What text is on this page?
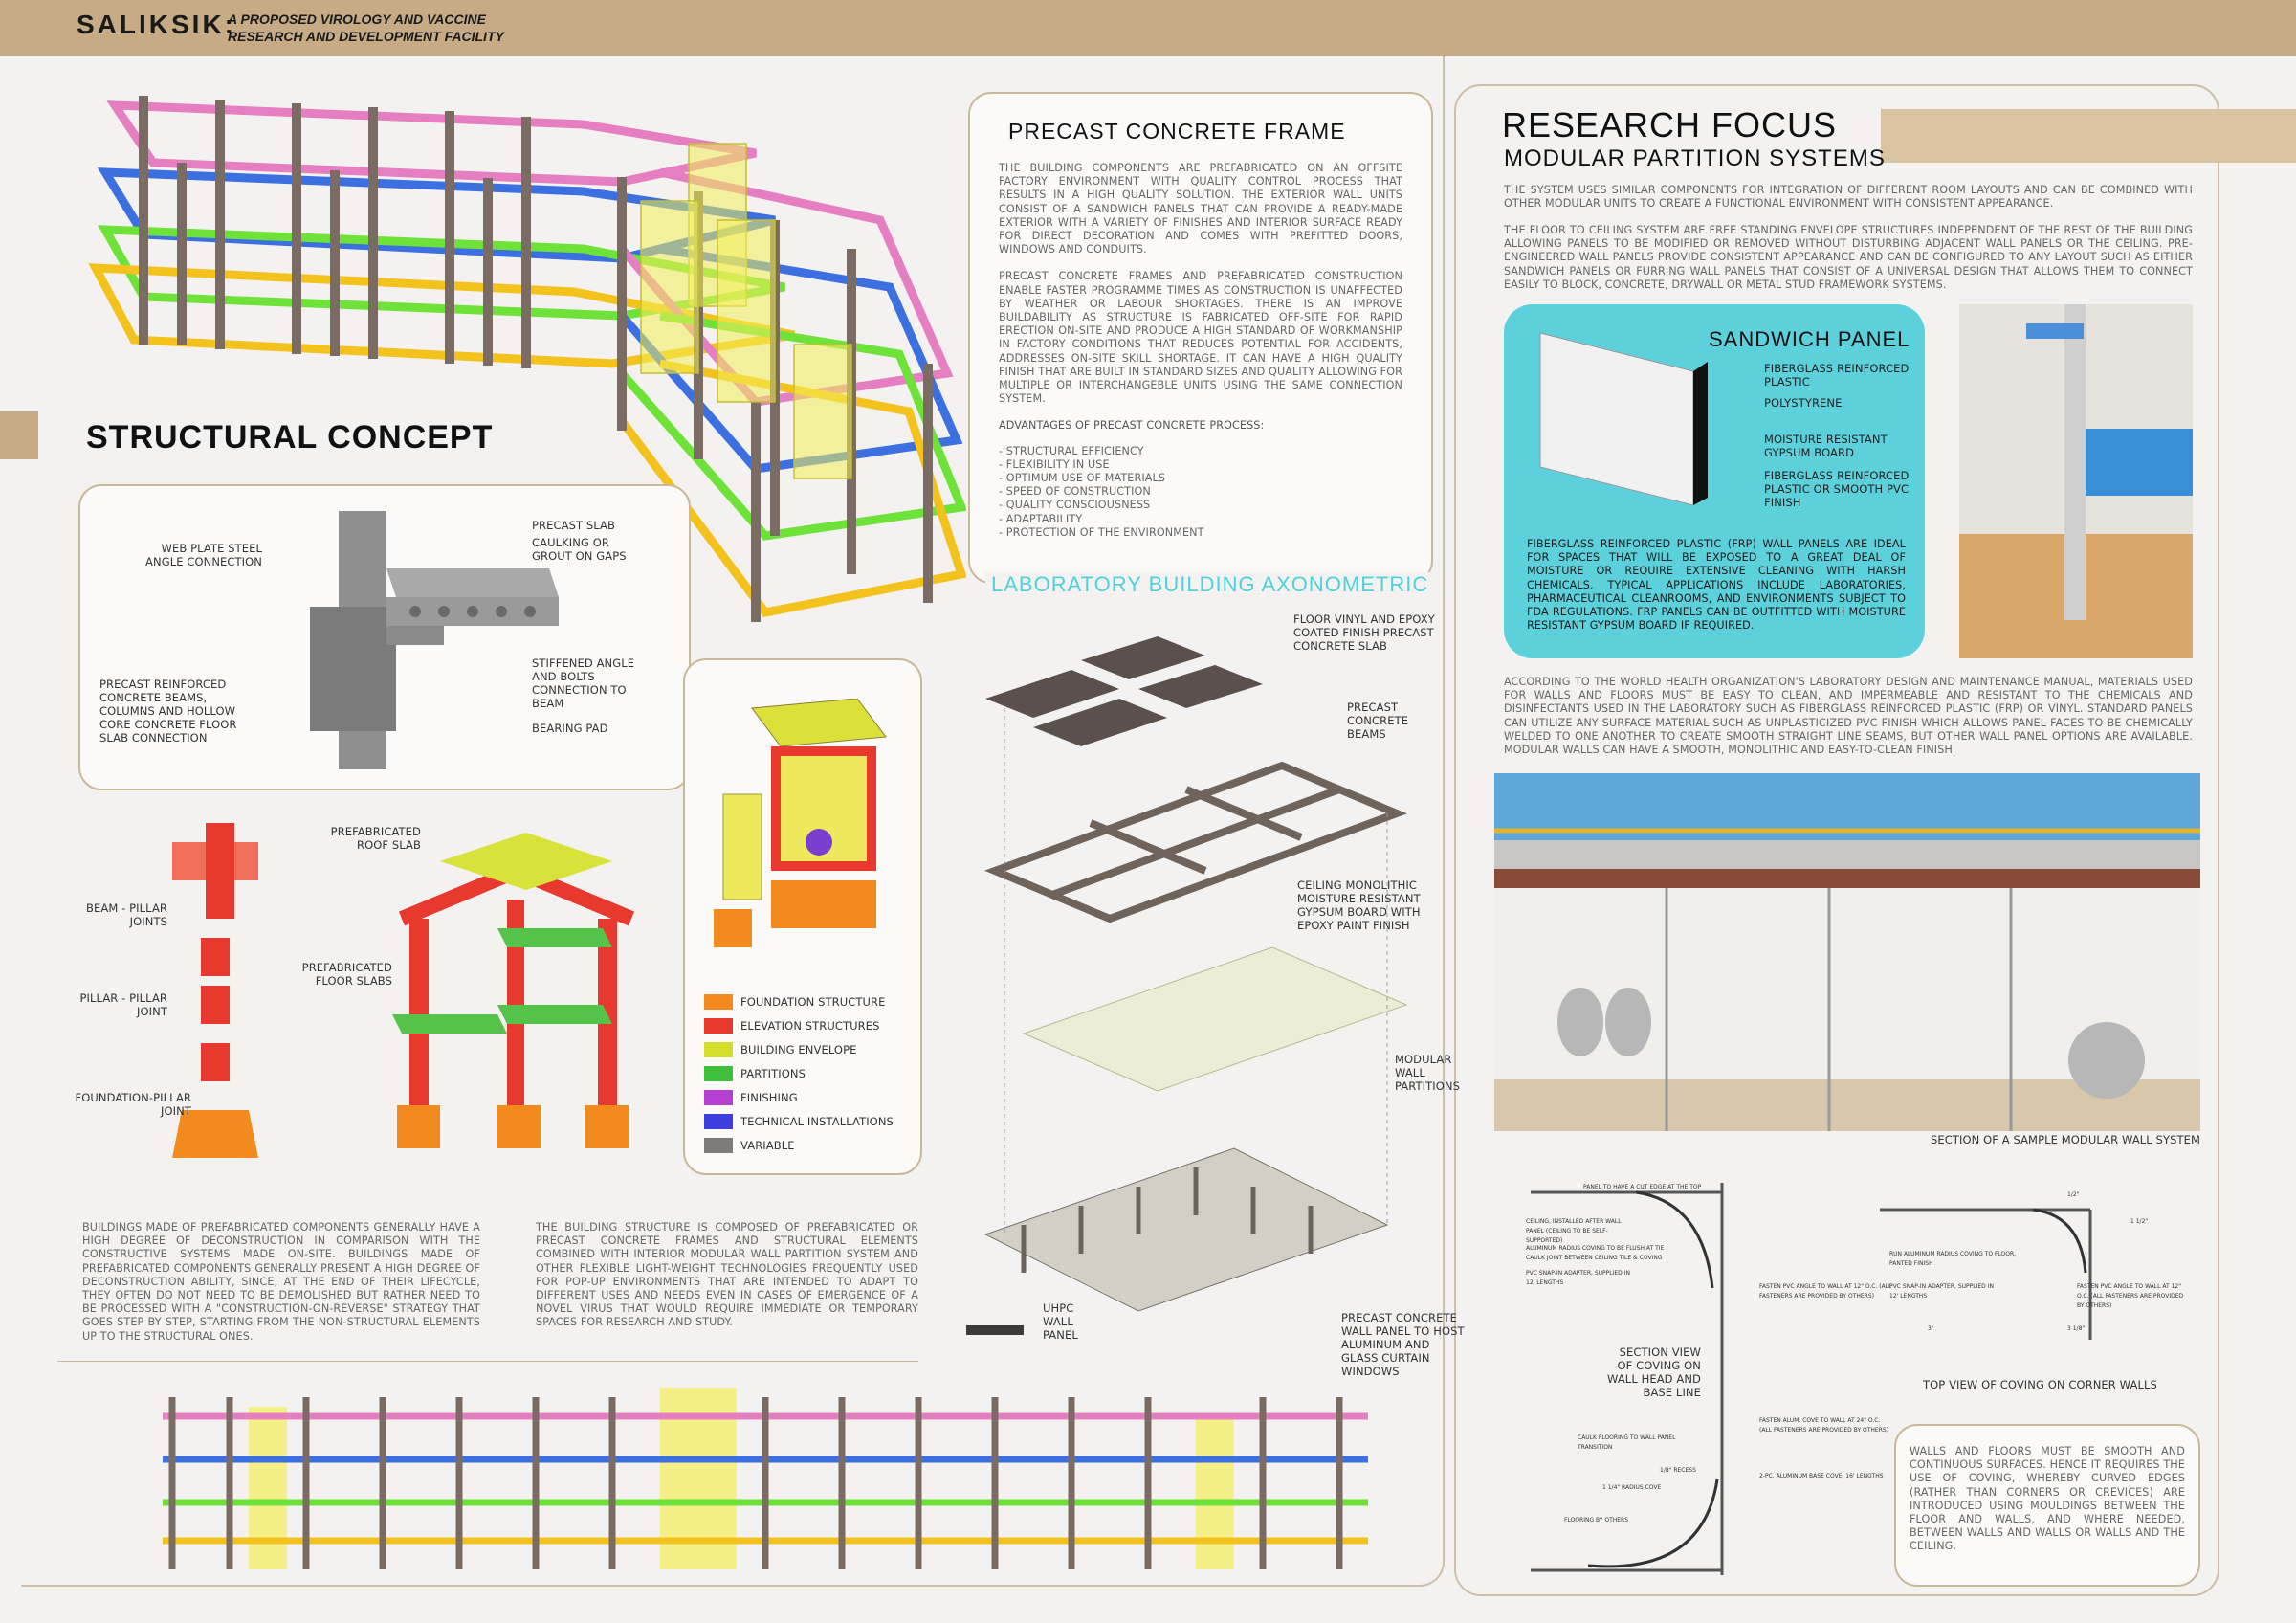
SALIKSIK:
A PROPOSED VIROLOGY AND VACCINE
RESEARCH AND DEVELOPMENT FACILITY
STRUCTURAL CONCEPT
WEB PLATE STEEL ANGLE CONNECTION
PRECAST SLAB
CAULKING OR GROUT ON GAPS
STIFFENED ANGLE AND BOLTS CONNECTION TO BEAM
BEARING PAD
PRECAST REINFORCED CONCRETE BEAMS, COLUMNS AND HOLLOW CORE CONCRETE FLOOR SLAB CONNECTION
BEAM - PILLAR JOINTS
PILLAR - PILLAR JOINT
FOUNDATION-PILLAR JOINT
PREFABRICATED ROOF SLAB
PREFABRICATED FLOOR SLABS
FOUNDATION STRUCTURE
ELEVATION STRUCTURES
BUILDING ENVELOPE
PARTITIONS
FINISHING
TECHNICAL INSTALLATIONS
VARIABLE
BUILDINGS MADE OF PREFABRICATED COMPONENTS GENERALLY HAVE A HIGH DEGREE OF DECONSTRUCTION IN COMPARISON WITH THE CONSTRUCTIVE SYSTEMS MADE ON-SITE. BUILDINGS MADE OF PREFABRICATED COMPONENTS GENERALLY PRESENT A HIGH DEGREE OF DECONSTRUCTION ABILITY, SINCE, AT THE END OF THEIR LIFECYCLE, THEY OFTEN DO NOT NEED TO BE DEMOLISHED BUT RATHER NEED TO BE PROCESSED WITH A "CONSTRUCTION-ON-REVERSE" STRATEGY THAT GOES STEP BY STEP, STARTING FROM THE NON-STRUCTURAL ELEMENTS UP TO THE STRUCTURAL ONES.
THE BUILDING STRUCTURE IS COMPOSED OF PREFABRICATED OR PRECAST CONCRETE FRAMES AND STRUCTURAL ELEMENTS COMBINED WITH INTERIOR MODULAR WALL PARTITION SYSTEM AND OTHER FLEXIBLE LIGHT-WEIGHT TECHNOLOGIES FREQUENTLY USED FOR POP-UP ENVIRONMENTS THAT ARE INTENDED TO ADAPT TO DIFFERENT USES AND NEEDS EVEN IN CASES OF EMERGENCE OF A NOVEL VIRUS THAT WOULD REQUIRE IMMEDIATE OR TEMPORARY SPACES FOR RESEARCH AND STUDY.
PRECAST CONCRETE FRAME
THE BUILDING COMPONENTS ARE PREFABRICATED ON AN OFFSITE FACTORY ENVIRONMENT WITH QUALITY CONTROL PROCESS THAT RESULTS IN A HIGH QUALITY SOLUTION. THE EXTERIOR WALL UNITS CONSIST OF A SANDWICH PANELS THAT CAN PROVIDE A READY-MADE EXTERIOR WITH A VARIETY OF FINISHES AND INTERIOR SURFACE READY FOR DIRECT DECORATION AND COMES WITH PREFITTED DOORS, WINDOWS AND CONDUITS.
PRECAST CONCRETE FRAMES AND PREFABRICATED CONSTRUCTION ENABLE FASTER PROGRAMME TIMES AS CONSTRUCTION IS UNAFFECTED BY WEATHER OR LABOUR SHORTAGES. THERE IS AN IMPROVE BUILDABILITY AS STRUCTURE IS FABRICATED OFF-SITE FOR RAPID ERECTION ON-SITE AND PRODUCE A HIGH STANDARD OF WORKMANSHIP IN FACTORY CONDITIONS THAT REDUCES POTENTIAL FOR ACCIDENTS, ADDRESSES ON-SITE SKILL SHORTAGE. IT CAN HAVE A HIGH QUALITY FINISH THAT ARE BUILT IN STANDARD SIZES AND QUALITY ALLOWING FOR MULTIPLE OR INTERCHANGEBLE UNITS USING THE SAME CONNECTION SYSTEM.
ADVANTAGES OF PRECAST CONCRETE PROCESS:
- STRUCTURAL EFFICIENCY
- FLEXIBILITY IN USE
- OPTIMUM USE OF MATERIALS
- SPEED OF CONSTRUCTION
- QUALITY CONSCIOUSNESS
- ADAPTABILITY
- PROTECTION OF THE ENVIRONMENT
LABORATORY BUILDING AXONOMETRIC
FLOOR VINYL AND EPOXY COATED FINISH PRECAST CONCRETE SLAB
PRECAST CONCRETE BEAMS
CEILING MONOLITHIC MOISTURE RESISTANT GYPSUM BOARD WITH EPOXY PAINT FINISH
MODULAR WALL PARTITIONS
PRECAST CONCRETE WALL PANEL TO HOST ALUMINUM AND GLASS CURTAIN WINDOWS
UHPC WALL PANEL
RESEARCH FOCUS
MODULAR PARTITION SYSTEMS
THE SYSTEM USES SIMILAR COMPONENTS FOR INTEGRATION OF DIFFERENT ROOM LAYOUTS AND CAN BE COMBINED WITH OTHER MODULAR UNITS TO CREATE A FUNCTIONAL ENVIRONMENT WITH CONSISTENT APPEARANCE.
THE FLOOR TO CEILING SYSTEM ARE FREE STANDING ENVELOPE STRUCTURES INDEPENDENT OF THE REST OF THE BUILDING ALLOWING PANELS TO BE MODIFIED OR REMOVED WITHOUT DISTURBING ADJACENT WALL PANELS OR THE CEILING. PRE-ENGINEERED WALL PANELS PROVIDE CONSISTENT APPEARANCE AND CAN BE CONFIGURED TO ANY LAYOUT SUCH AS EITHER SANDWICH PANELS OR FURRING WALL PANELS THAT CONSIST OF A UNIVERSAL DESIGN THAT ALLOWS THEM TO CONNECT EASILY TO BLOCK, CONCRETE, DRYWALL OR METAL STUD FRAMEWORK SYSTEMS.
SANDWICH PANEL
FIBERGLASS REINFORCED PLASTIC
POLYSTYRENE
MOISTURE RESISTANT GYPSUM BOARD
FIBERGLASS REINFORCED PLASTIC OR SMOOTH PVC FINISH
FIBERGLASS REINFORCED PLASTIC (FRP) WALL PANELS ARE IDEAL FOR SPACES THAT WILL BE EXPOSED TO A GREAT DEAL OF MOISTURE OR REQUIRE EXTENSIVE CLEANING WITH HARSH CHEMICALS. TYPICAL APPLICATIONS INCLUDE LABORATORIES, PHARMACEUTICAL CLEANROOMS, AND ENVIRONMENTS SUBJECT TO FDA REGULATIONS. FRP PANELS CAN BE OUTFITTED WITH MOISTURE RESISTANT GYPSUM BOARD IF REQUIRED.
ACCORDING TO THE WORLD HEALTH ORGANIZATION'S LABORATORY DESIGN AND MAINTENANCE MANUAL, MATERIALS USED FOR WALLS AND FLOORS MUST BE EASY TO CLEAN, AND IMPERMEABLE AND RESISTANT TO THE CHEMICALS AND DISINFECTANTS USED IN THE LABORATORY SUCH AS FIBERGLASS REINFORCED PLASTIC (FRP) OR VINYL. STANDARD PANELS CAN UTILIZE ANY SURFACE MATERIAL SUCH AS UNPLASTICIZED PVC FINISH WHICH ALLOWS PANEL FACES TO BE CHEMICALLY WELDED TO ONE ANOTHER TO CREATE SMOOTH STRAIGHT LINE SEAMS, BUT OTHER WALL PANEL OPTIONS ARE AVAILABLE. MODULAR WALLS CAN HAVE A SMOOTH, MONOLITHIC AND EASY-TO-CLEAN FINISH.
SECTION OF A SAMPLE MODULAR WALL SYSTEM
PANEL TO HAVE A CUT EDGE AT THE TOP
CEILING, INSTALLED AFTER WALL PANEL (CEILING TO BE SELF-SUPPORTED)
ALUMINUM RADIUS COVING TO BE FLUSH AT TIE CAULK JOINT BETWEEN CEILING TILE & COVING
PVC SNAP-IN ADAPTER, SUPPLIED IN 12' LENGTHS
FASTEN PVC ANGLE TO WALL AT 12" O.C. (ALL FASTENERS ARE PROVIDED BY OTHERS)
CAULK FLOORING TO WALL PANEL TRANSITION
FASTEN ALUM. COVE TO WALL AT 24" O.C. (ALL FASTENERS ARE PROVIDED BY OTHERS)
1/8" RECESS
2-PC. ALUMINUM BASE COVE, 16' LENGTHS
1 1/4" RADIUS COVE
FLOORING BY OTHERS
SECTION VIEW OF COVING ON WALL HEAD AND BASE LINE
RUN ALUMINUM RADIUS COVING TO FLOOR, PANTED FINISH
PVC SNAP-IN ADAPTER, SUPPLIED IN 12' LENGTHS
FASTEN PVC ANGLE TO WALL AT 12" O.C. (ALL FASTENERS ARE PROVIDED BY OTHERS)
1/2"
1 1/2"
3 1/8"
3"
TOP VIEW OF COVING ON CORNER WALLS
WALLS AND FLOORS MUST BE SMOOTH AND CONTINUOUS SURFACES. HENCE IT REQUIRES THE USE OF COVING, WHEREBY CURVED EDGES (RATHER THAN CORNERS OR CREVICES) ARE INTRODUCED USING MOULDINGS BETWEEN THE FLOOR AND WALLS, AND WHERE NEEDED, BETWEEN WALLS AND WALLS OR WALLS AND THE CEILING.
